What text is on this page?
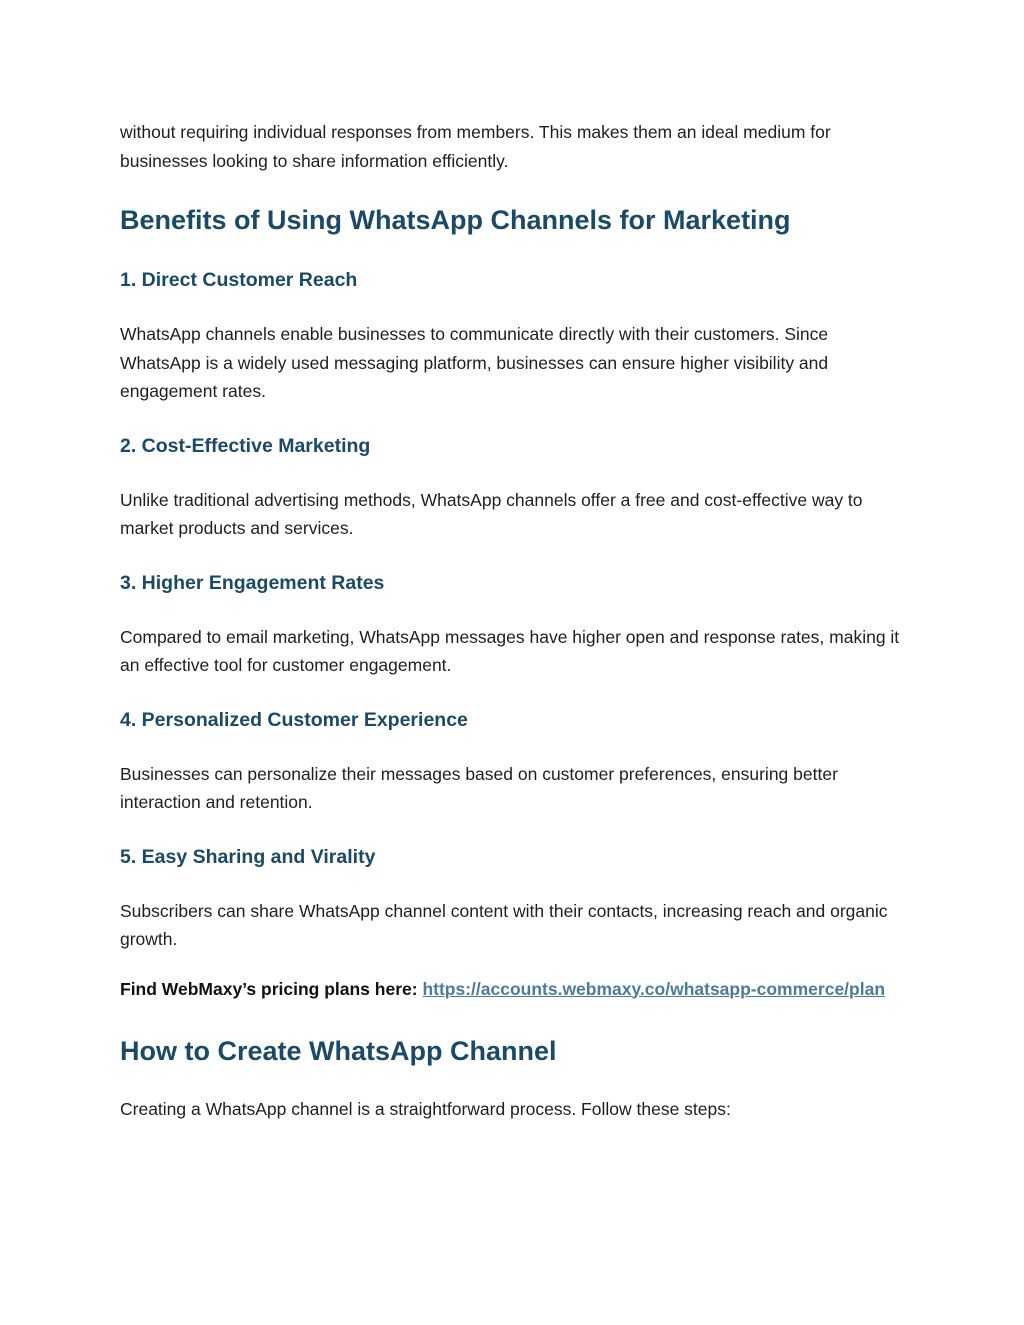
without requiring individual responses from members. This makes them an ideal medium for businesses looking to share information efficiently.

Benefits of Using WhatsApp Channels for Marketing
1. Direct Customer Reach

WhatsApp channels enable businesses to communicate directly with their customers. Since WhatsApp is a widely used messaging platform, businesses can ensure higher visibility and engagement rates.

2. Cost-Effective Marketing

Unlike traditional advertising methods, WhatsApp channels offer a free and cost-effective way to market products and services.

3. Higher Engagement Rates

Compared to email marketing, WhatsApp messages have higher open and response rates, making it an effective tool for customer engagement.

4. Personalized Customer Experience

Businesses can personalize their messages based on customer preferences, ensuring better interaction and retention.

5. Easy Sharing and Virality

Subscribers can share WhatsApp channel content with their contacts, increasing reach and organic growth.

Find WebMaxy’s pricing plans here: https://accounts.webmaxy.co/whatsapp-commerce/plan

How to Create WhatsApp Channel

Creating a WhatsApp channel is a straightforward process. Follow these steps:
